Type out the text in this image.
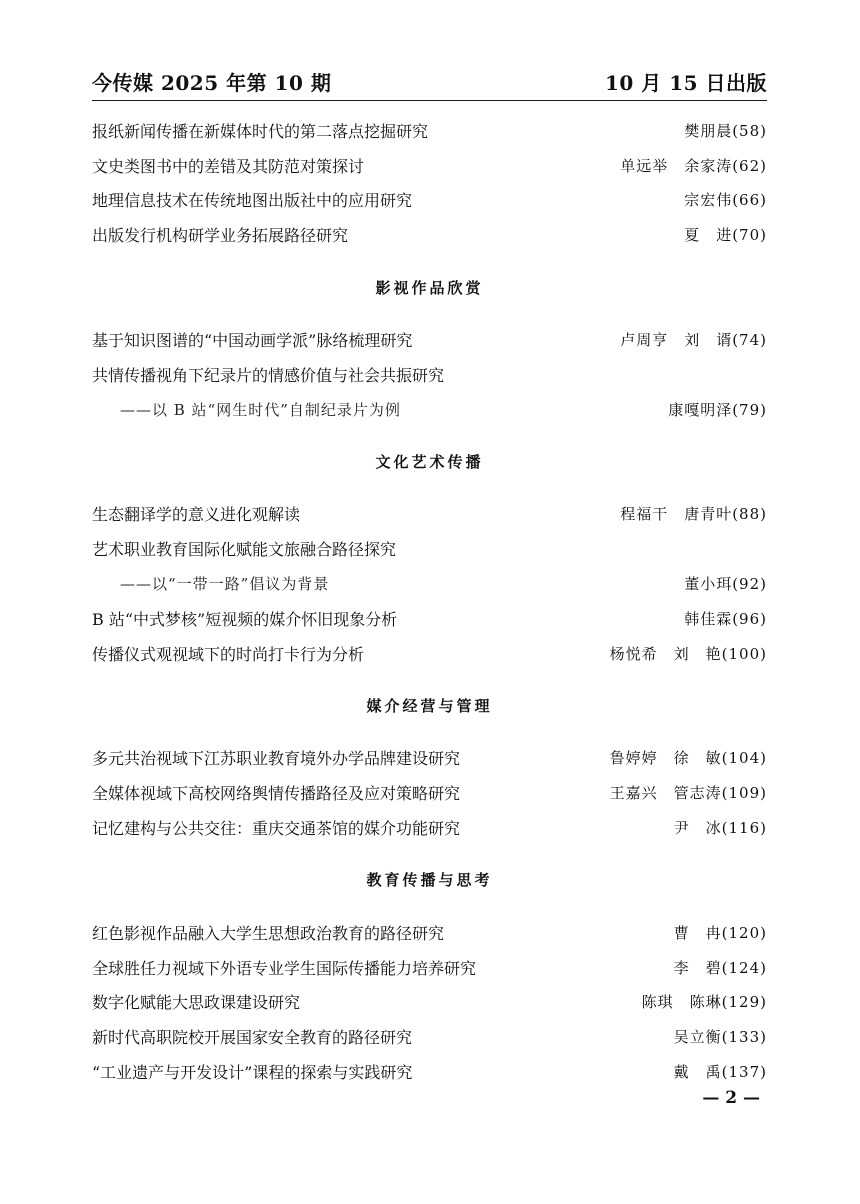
今传媒 2025 年第 10 期	10 月 15 日出版
报纸新闻传播在新媒体时代的第二落点挖掘研究	樊朋晨(58)
文史类图书中的差错及其防范对策探讨	单远举　余家涛(62)
地理信息技术在传统地图出版社中的应用研究	宗宏伟(66)
出版发行机构研学业务拓展路径研究	夏　进(70)
影视作品欣赏
基于知识图谱的“中国动画学派”脉络梳理研究	卢周亨　刘　谞(74)
共情传播视角下纪录片的情感价值与社会共振研究
——以 B 站“网生时代”自制纪录片为例	康嘎明泽(79)
文化艺术传播
生态翻译学的意义进化观解读	程福干　唐青叶(88)
艺术职业教育国际化赋能文旅融合路径探究
——以“一带一路”倡议为背景	董小珥(92)
B 站“中式梦核”短视频的媒介怀旧现象分析	韩佳霖(96)
传播仪式观视域下的时尚打卡行为分析	杨悦希　刘　艳(100)
媒介经营与管理
多元共治视域下江苏职业教育境外办学品牌建设研究	鲁婷婷　徐　敏(104)
全媒体视域下高校网络舆情传播路径及应对策略研究	王嘉兴　管志涛(109)
记忆建构与公共交往：重庆交通茶馆的媒介功能研究	尹　冰(116)
教育传播与思考
红色影视作品融入大学生思想政治教育的路径研究	曹　冉(120)
全球胜任力视域下外语专业学生国际传播能力培养研究	李　碧(124)
数字化赋能大思政课建设研究	陈琪　陈琳(129)
新时代高职院校开展国家安全教育的路径研究	吴立衡(133)
“工业遗产与开发设计”课程的探索与实践研究	戴　禹(137)
— 2 —
